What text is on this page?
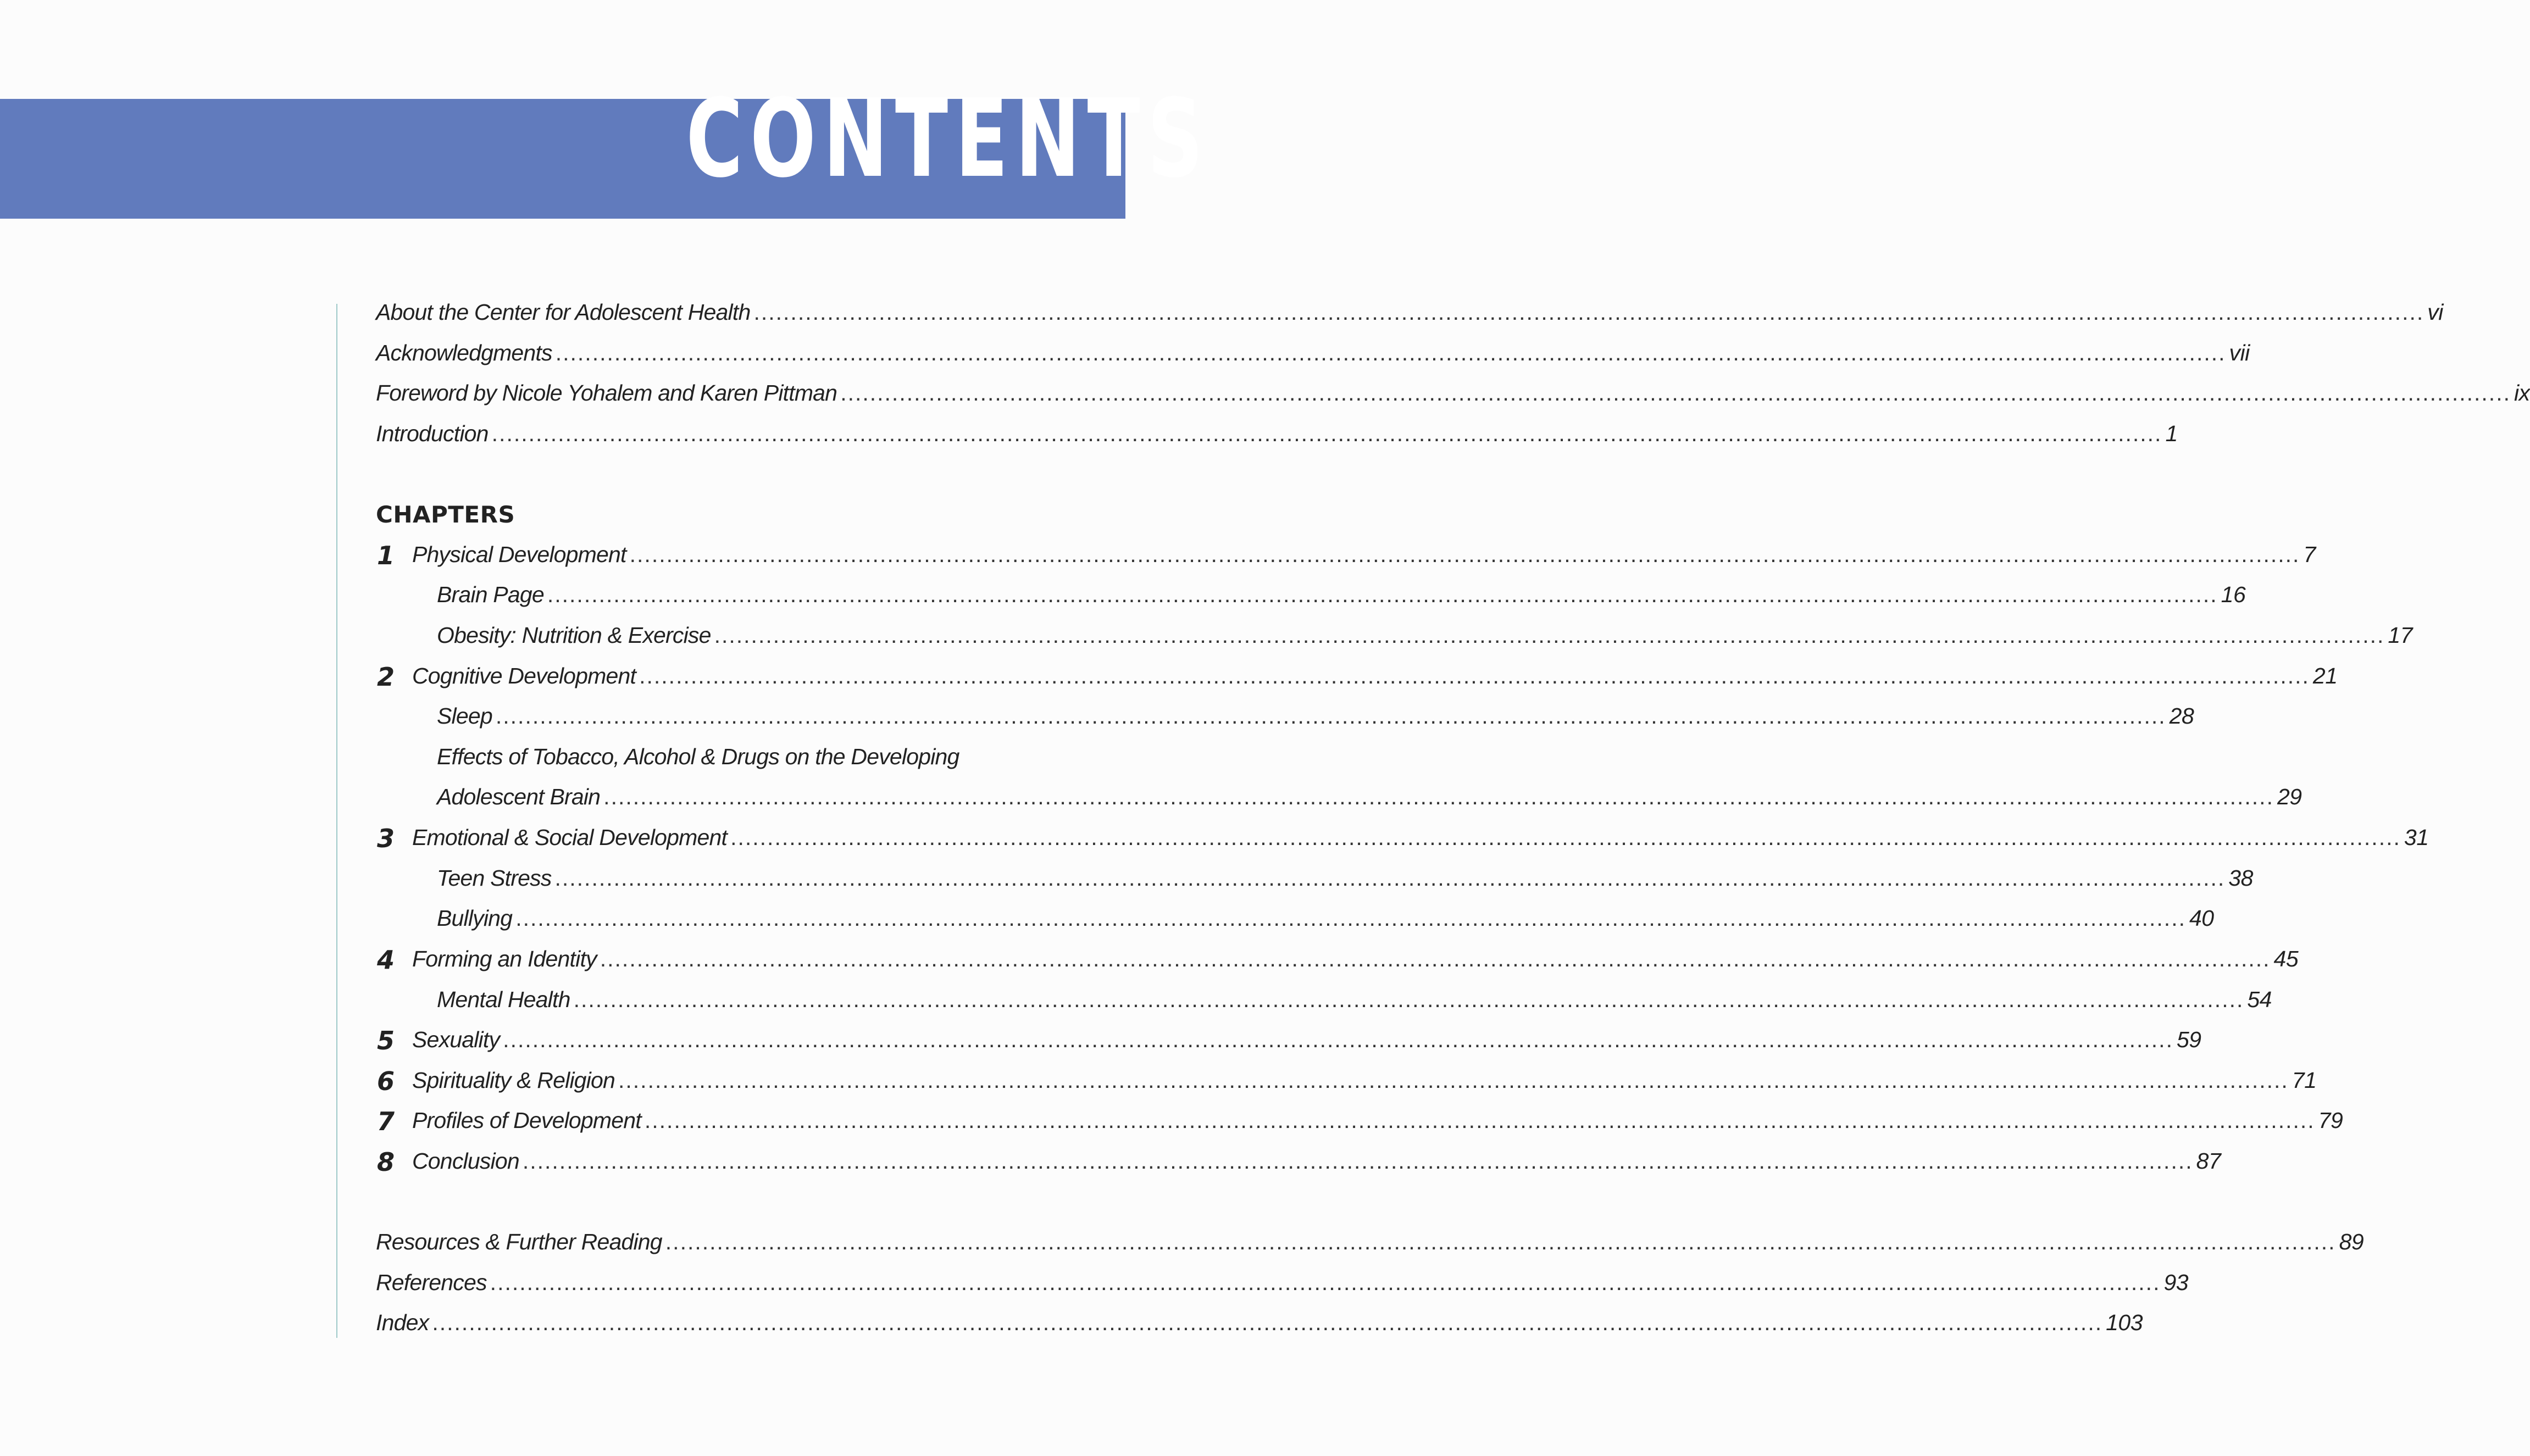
CONTENTS
About the Center for Adolescent Health .....	vi
Acknowledgments .....	vii
Foreword by Nicole Yohalem and Karen Pittman .....	ix
Introduction .....	1
CHAPTERS
1 Physical Development .....	7
Brain Page .....	16
Obesity: Nutrition & Exercise .....	17
2 Cognitive Development .....	21
Sleep .....	28
Effects of Tobacco, Alcohol & Drugs on the Developing
Adolescent Brain .....	29
3 Emotional & Social Development .....	31
Teen Stress .....	38
Bullying .....	40
4 Forming an Identity .....	45
Mental Health .....	54
5 Sexuality .....	59
6 Spirituality & Religion .....	71
7 Profiles of Development .....	79
8 Conclusion .....	87
Resources & Further Reading .....	89
References .....	93
Index .....	103
